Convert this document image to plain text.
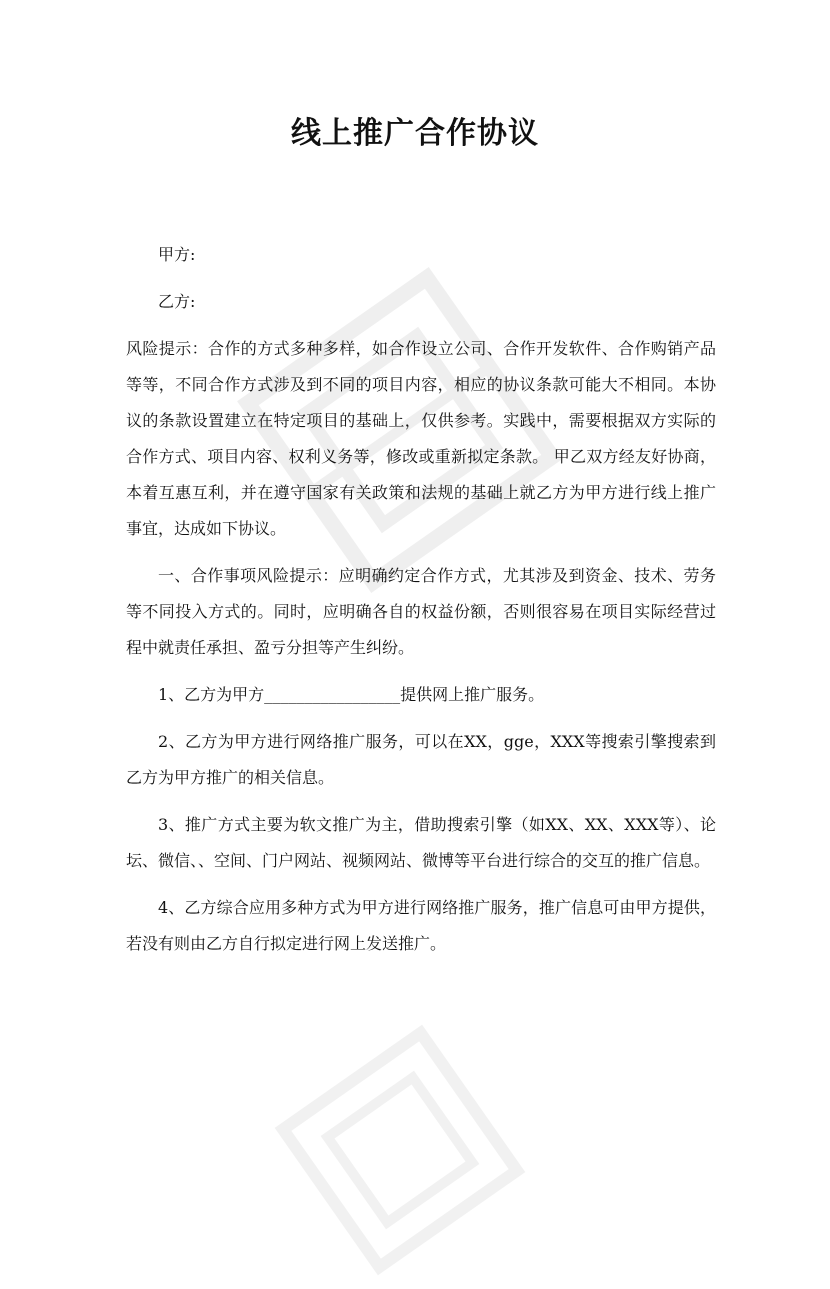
线上推广合作协议

甲方:

乙方:

风险提示：合作的方式多种多样，如合作设立公司、合作开发软件、合作购销产品等等，不同合作方式涉及到不同的项目内容，相应的协议条款可能大不相同。本协议的条款设置建立在特定项目的基础上，仅供参考。实践中，需要根据双方实际的合作方式、项目内容、权利义务等，修改或重新拟定条款。 甲乙双方经友好协商，本着互惠互利，并在遵守国家有关政策和法规的基础上就乙方为甲方进行线上推广事宜，达成如下协议。

一、合作事项风险提示：应明确约定合作方式，尤其涉及到资金、技术、劳务等不同投入方式的。同时，应明确各自的权益份额，否则很容易在项目实际经营过程中就责任承担、盈亏分担等产生纠纷。

1、乙方为甲方_________________提供网上推广服务。

2、乙方为甲方进行网络推广服务，可以在XX，gge，XXX等搜索引擎搜索到乙方为甲方推广的相关信息。

3、推广方式主要为软文推广为主，借助搜索引擎（如XX、XX、XXX等）、论坛、微信、、空间、门户网站、视频网站、微博等平台进行综合的交互的推广信息。

4、乙方综合应用多种方式为甲方进行网络推广服务，推广信息可由甲方提供，若没有则由乙方自行拟定进行网上发送推广。
